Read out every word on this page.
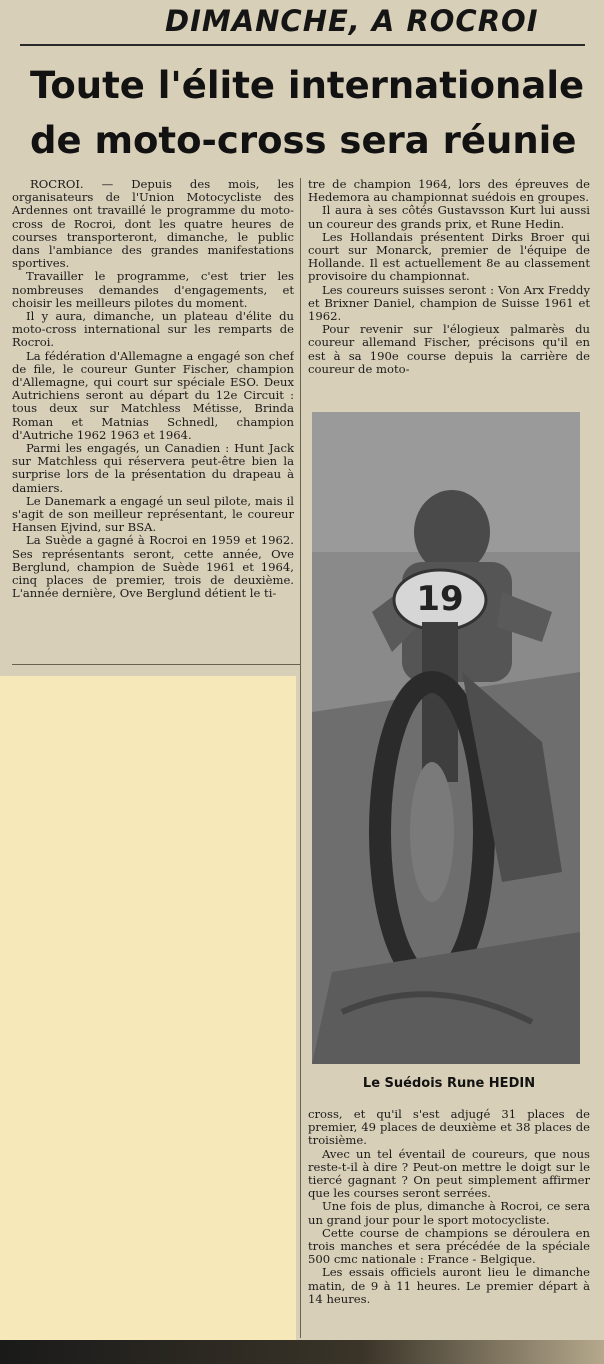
DIMANCHE, A ROCROI
Toute l'élite internationale
de moto-cross sera réunie

ROCROI. — Depuis des mois, les organisateurs de l'Union Motocycliste des Ardennes ont travaillé le programme du moto-cross de Rocroi, dont les quatre heures de courses transporteront, dimanche, le public dans l'ambiance des grandes manifestations sportives.

Travailler le programme, c'est trier les nombreuses demandes d'engagements, et choisir les meilleurs pilotes du moment.

Il y aura, dimanche, un plateau d'élite du moto-cross international sur les remparts de Rocroi.

La fédération d'Allemagne a engagé son chef de file, le coureur Gunter Fischer, champion d'Allemagne, qui court sur spéciale ESO. Deux Autrichiens seront au départ du 12e Circuit : tous deux sur Matchless Métisse, Brinda Roman et Matnias Schnedl, champion d'Autriche 1962 1963 et 1964.

Parmi les engagés, un Canadien : Hunt Jack sur Matchless qui réservera peut-être bien la surprise lors de la présentation du drapeau à damiers.

Le Danemark a engagé un seul pilote, mais il s'agit de son meilleur représentant, le coureur Hansen Ejvind, sur BSA.

La Suède a gagné à Rocroi en 1959 et 1962. Ses représentants seront, cette année, Ove Berglund, champion de Suède 1961 et 1964, cinq places de premier, trois de deuxième. L'année dernière, Ove Berglund détient le ti-

tre de champion 1964, lors des épreuves de Hedemora au championnat suédois en groupes.

Il aura à ses côtés Gustavsson Kurt lui aussi un coureur des grands prix, et Rune Hedin.

Les Hollandais présentent Dirks Broer qui court sur Monarck, premier de l'équipe de Hollande. Il est actuellement 8e au classement provisoire du championnat.

Les coureurs suisses seront : Von Arx Freddy et Brixner Daniel, champion de Suisse 1961 et 1962.

Pour revenir sur l'élogieux palmarès du coureur allemand Fischer, précisons qu'il en est à sa 190e course depuis la carrière de coureur de moto-

19
Le Suédois Rune HEDIN

cross, et qu'il s'est adjugé 31 places de premier, 49 places de deuxième et 38 places de troisième.

Avec un tel éventail de coureurs, que nous reste-t-il à dire ? Peut-on mettre le doigt sur le tiercé gagnant ? On peut simplement affirmer que les courses seront serrées.

Une fois de plus, dimanche à Rocroi, ce sera un grand jour pour le sport motocycliste.

Cette course de champions se déroulera en trois manches et sera précédée de la spéciale 500 cmc nationale : France - Belgique.

Les essais officiels auront lieu le dimanche matin, de 9 à 11 heures. Le premier départ à 14 heures.
